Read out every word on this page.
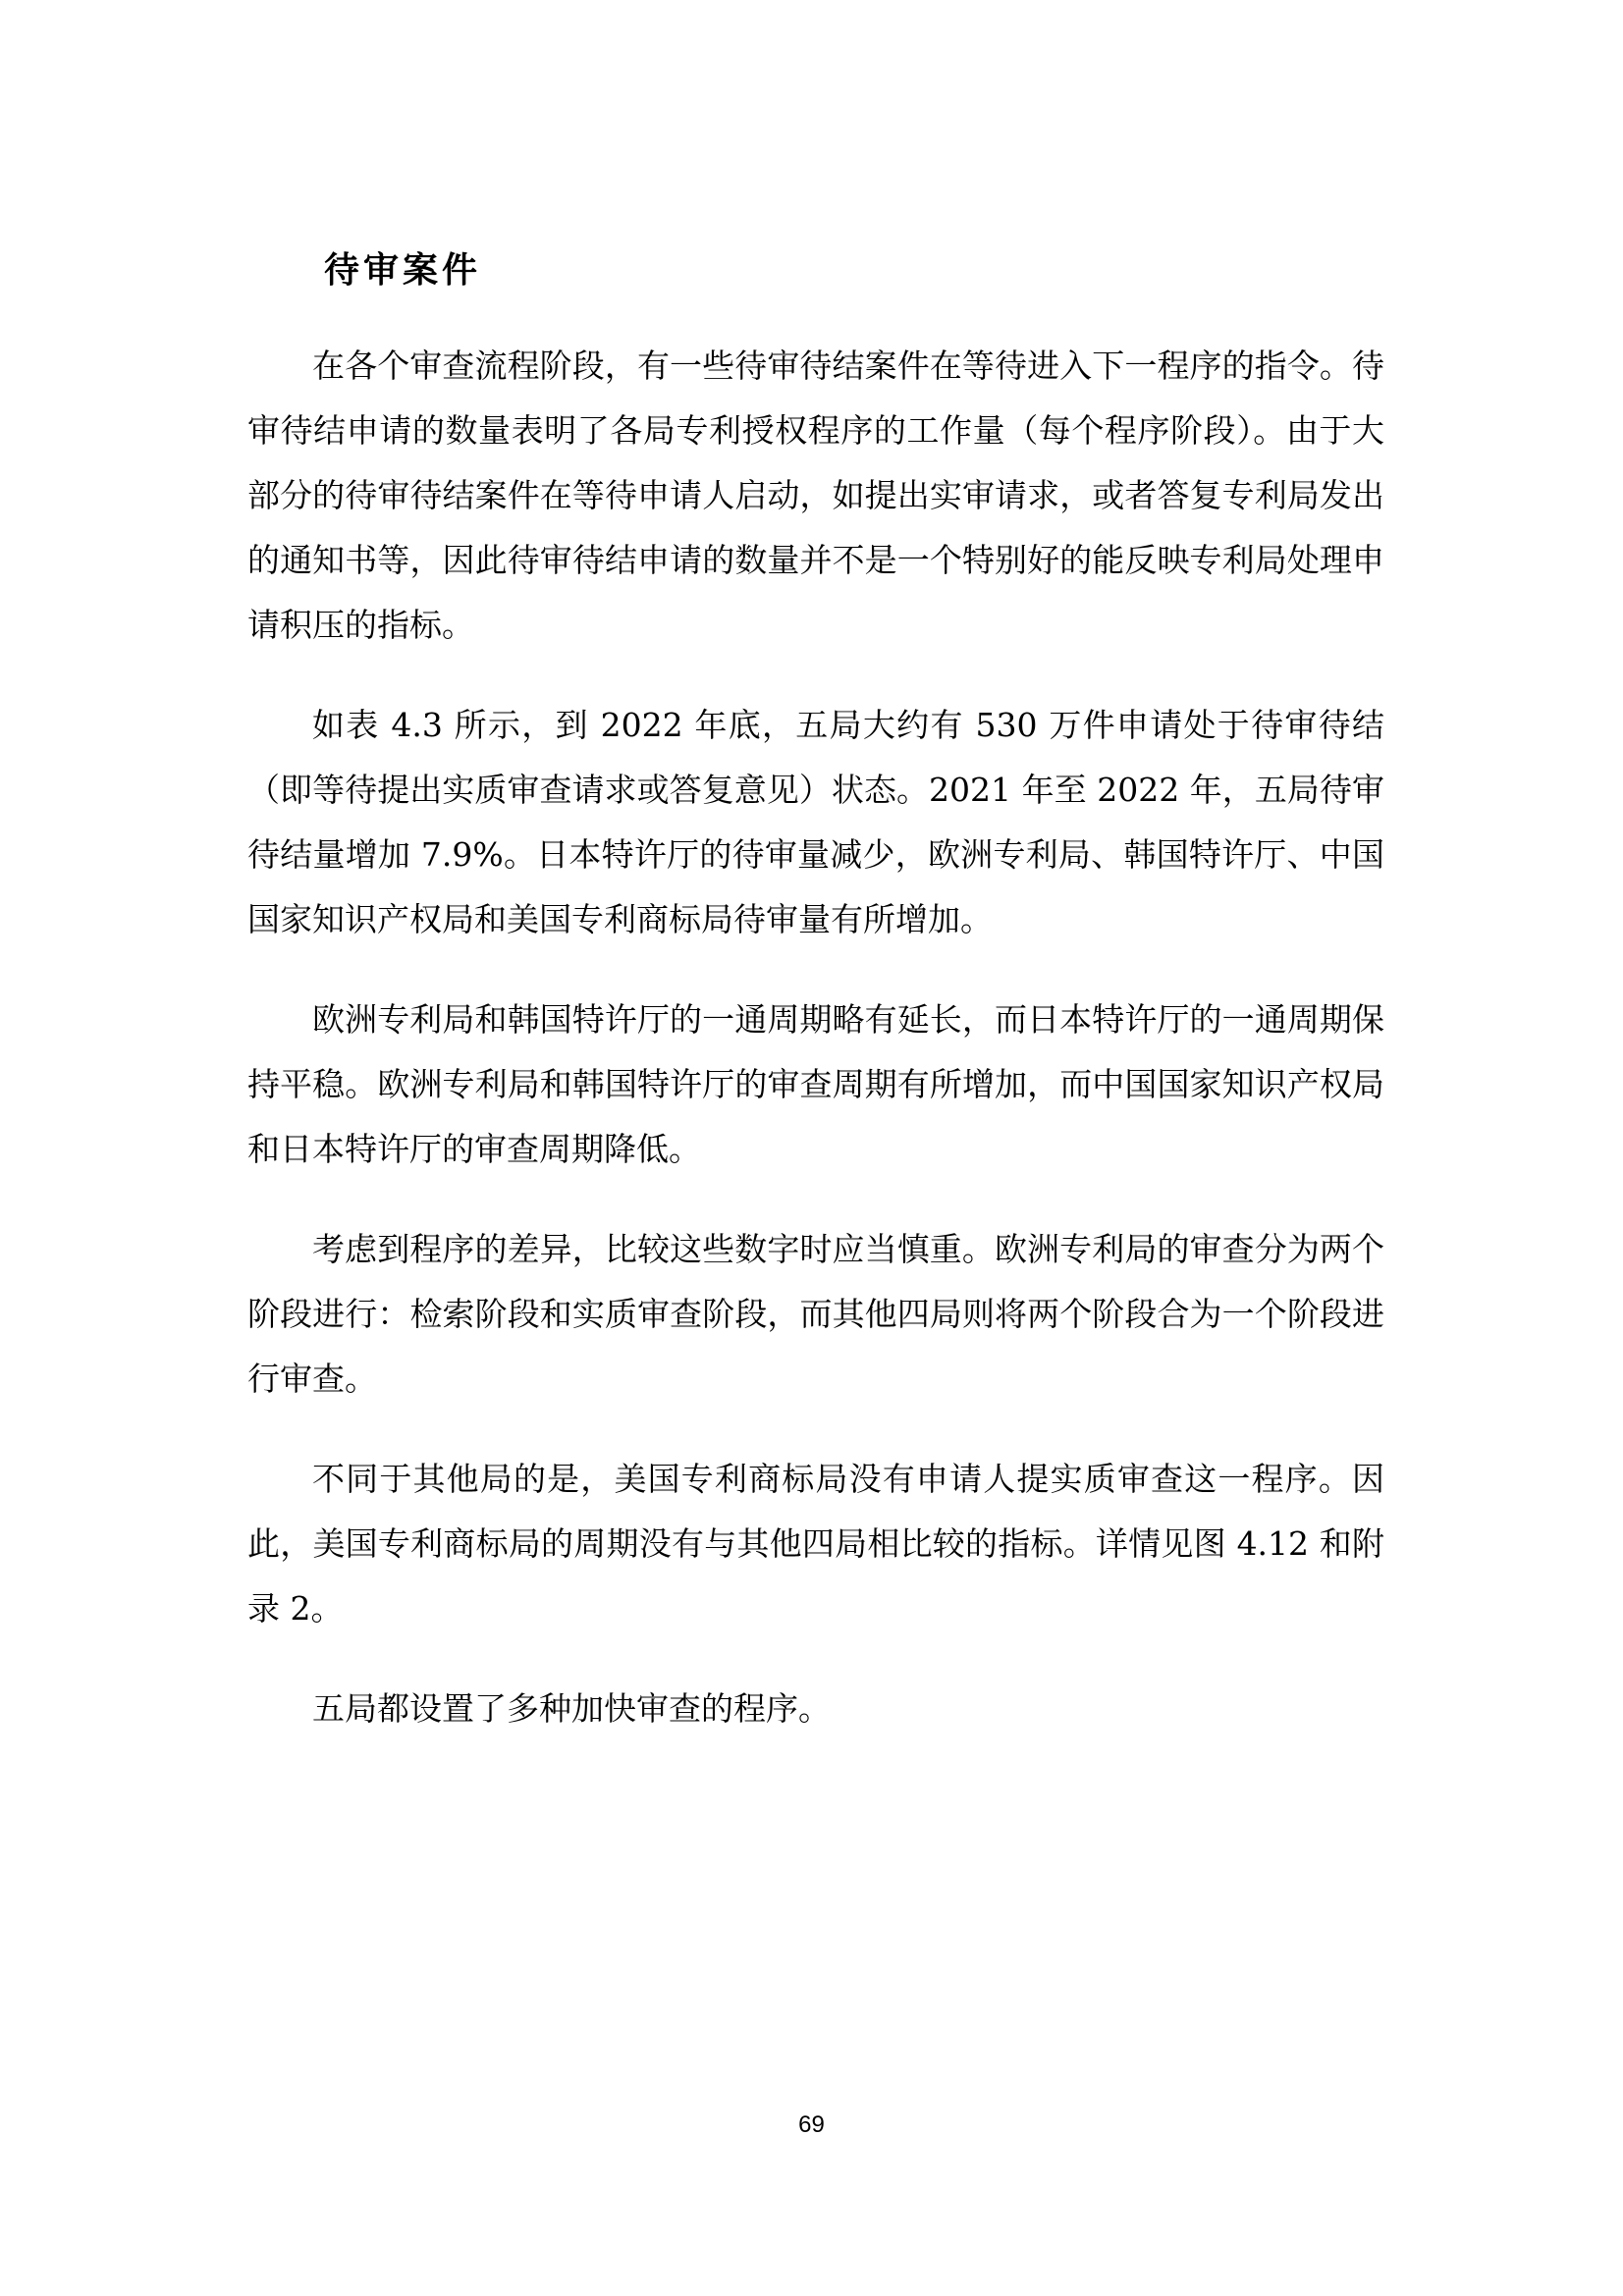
待审案件

在各个审查流程阶段，有一些待审待结案件在等待进入下一程序的指令。待审待结申请的数量表明了各局专利授权程序的工作量（每个程序阶段）。由于大部分的待审待结案件在等待申请人启动，如提出实审请求，或者答复专利局发出的通知书等，因此待审待结申请的数量并不是一个特别好的能反映专利局处理申请积压的指标。

如表 4.3 所示，到 2022 年底，五局大约有 530 万件申请处于待审待结（即等待提出实质审查请求或答复意见）状态。2021 年至 2022 年，五局待审待结量增加 7.9%。日本特许厅的待审量减少，欧洲专利局、韩国特许厅、中国国家知识产权局和美国专利商标局待审量有所增加。

欧洲专利局和韩国特许厅的一通周期略有延长，而日本特许厅的一通周期保持平稳。欧洲专利局和韩国特许厅的审查周期有所增加，而中国国家知识产权局和日本特许厅的审查周期降低。

考虑到程序的差异，比较这些数字时应当慎重。欧洲专利局的审查分为两个阶段进行：检索阶段和实质审查阶段，而其他四局则将两个阶段合为一个阶段进行审查。

不同于其他局的是，美国专利商标局没有申请人提实质审查这一程序。因此，美国专利商标局的周期没有与其他四局相比较的指标。详情见图 4.12 和附录 2。

五局都设置了多种加快审查的程序。

69
